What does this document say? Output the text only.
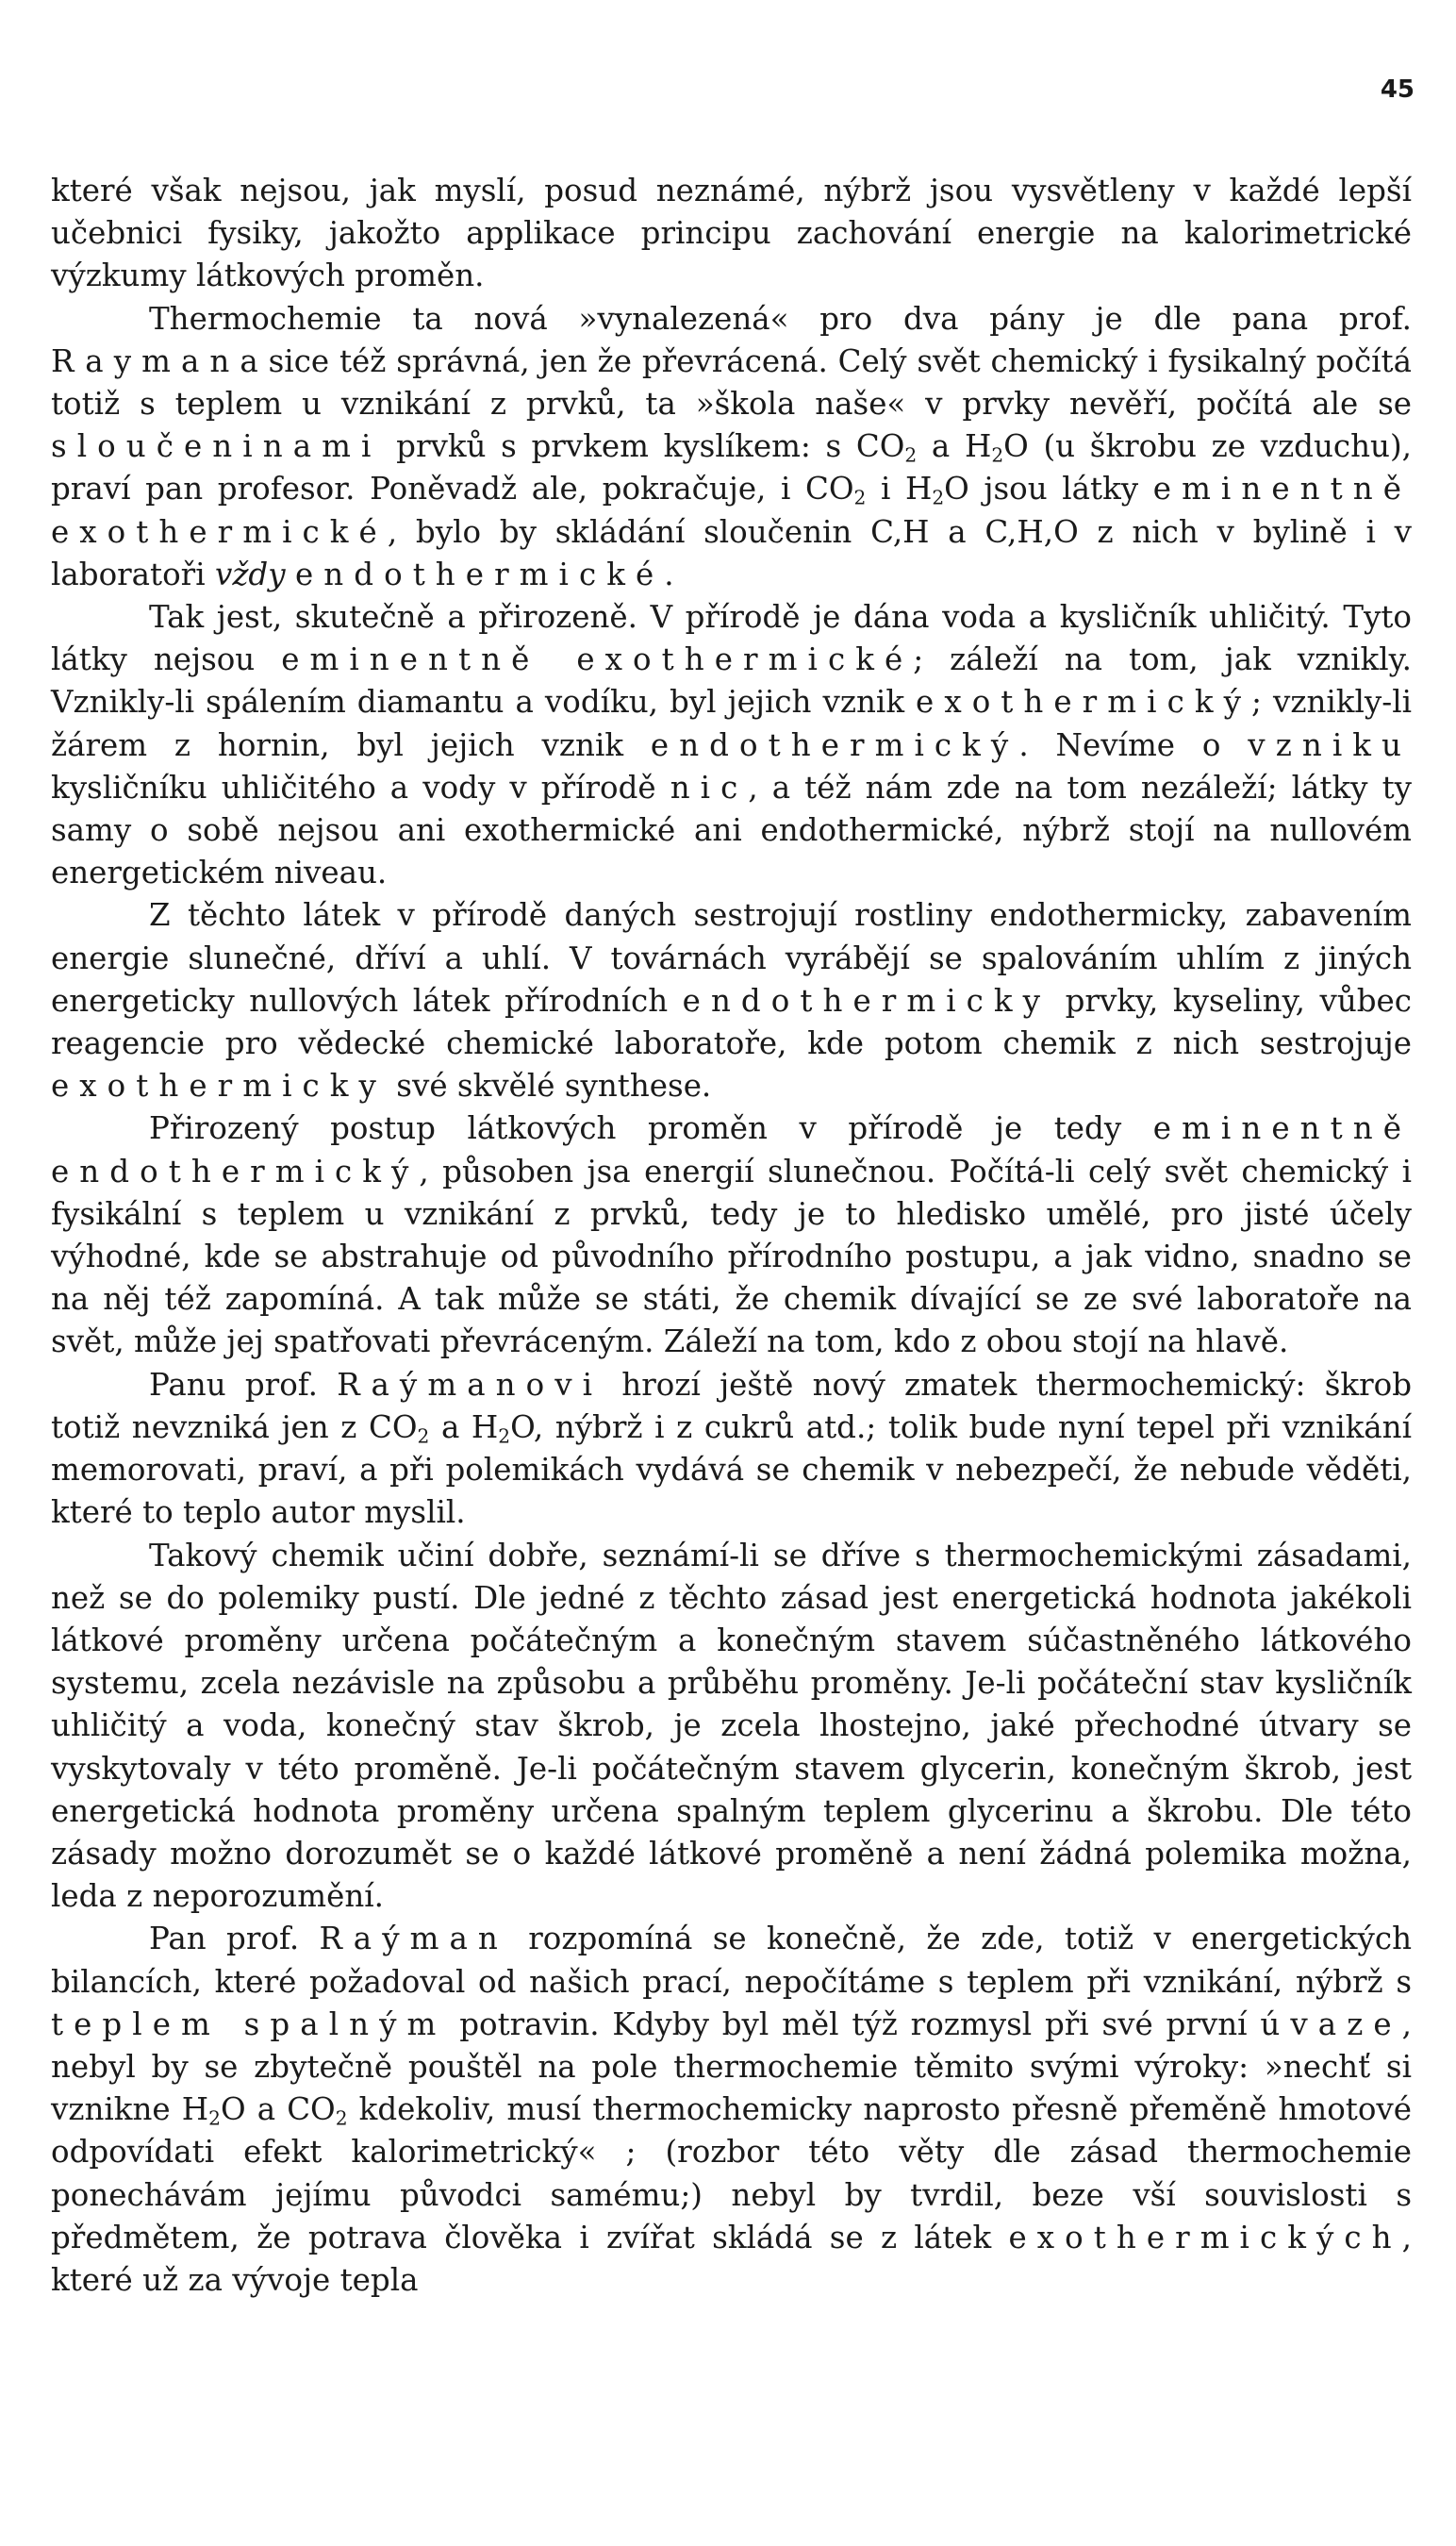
45

které však nejsou, jak myslí, posud neznámé, nýbrž jsou vysvětleny v každé lepší učebnici fysiky, jakožto applikace principu zachování energie na kalorimetrické výzkumy látkových proměn.

Thermochemie ta nová »vynalezená« pro dva pány je dle pana prof. Raymana sice též správná, jen že převrácená. Celý svět chemický i fysikalný počítá totiž s teplem u vznikání z prvků, ta »škola naše« v prvky nevěří, počítá ale se sloučeninami prvků s prvkem kyslíkem: s $CO_2$ a $H_2O$ (u škrobu ze vzduchu), praví pan profesor. Poněvadž ale, pokračuje, i $CO_2$ i $H_2O$ jsou látky eminentně exothermické, bylo by skládání sloučenin C,H a C,H,O z nich v bylině i v laboratoři vždy endothermické.

Tak jest, skutečně a přirozeně. V přírodě je dána voda a kysličník uhličitý. Tyto látky nejsou eminentně exothermické; záleží na tom, jak vznikly. Vznikly-li spálením diamantu a vodíku, byl jejich vznik exothermický; vznikly-li žárem z hornin, byl jejich vznik endothermický. Nevíme o vzniku kysličníku uhličitého a vody v přírodě nic, a též nám zde na tom nezáleží; látky ty samy o sobě nejsou ani exothermické ani endothermické, nýbrž stojí na nullovém energetickém niveau.

Z těchto látek v přírodě daných sestrojují rostliny endothermicky, zabavením energie slunečné, dříví a uhlí. V továrnách vyrábějí se spalováním uhlím z jiných energeticky nullových látek přírodních endothermicky prvky, kyseliny, vůbec reagencie pro vědecké chemické laboratoře, kde potom chemik z nich sestrojuje exothermicky své skvělé synthese.

Přirozený postup látkových proměn v přírodě je tedy eminentně endothermický, působen jsa energií slunečnou. Počítá-li celý svět chemický i fysikální s teplem u vznikání z prvků, tedy je to hledisko umělé, pro jisté účely výhodné, kde se abstrahuje od původního přírodního postupu, a jak vidno, snadno se na něj též zapomíná. A tak může se státi, že chemik dívající se ze své laboratoře na svět, může jej spatřovati převráceným. Záleží na tom, kdo z obou stojí na hlavě.

Panu prof. Raýmanovi hrozí ještě nový zmatek thermochemický: škrob totiž nevzniká jen z $CO_2$ a $H_2O$, nýbrž i z cukrů atd.; tolik bude nyní tepel při vznikání memorovati, praví, a při polemikách vydává se chemik v nebezpečí, že nebude věděti, které to teplo autor myslil.

Takový chemik učiní dobře, seznámí-li se dříve s thermochemickými zásadami, než se do polemiky pustí. Dle jedné z těchto zásad jest energetická hodnota jakékoli látkové proměny určena počátečným a konečným stavem súčastněného látkového systemu, zcela nezávisle na způsobu a průběhu proměny. Je-li počáteční stav kysličník uhličitý a voda, konečný stav škrob, je zcela lhostejno, jaké přechodné útvary se vyskytovaly v této proměně. Je-li počátečným stavem glycerin, konečným škrob, jest energetická hodnota proměny určena spalným teplem glycerinu a škrobu. Dle této zásady možno dorozumět se o každé látkové proměně a není žádná polemika možna, leda z neporozumění.

Pan prof. Raýman rozpomíná se konečně, že zde, totiž v energetických bilancích, které požadoval od našich prací, nepočítáme s teplem při vznikání, nýbrž s teplem spalným potravin. Kdyby byl měl týž rozmysl při své první úvaze, nebyl by se zbytečně pouštěl na pole thermochemie těmito svými výroky: »nechť si vznikne $H_2O$ a $CO_2$ kdekoliv, musí thermochemicky naprosto přesně přeměně hmotové odpovídati efekt kalorimetrický« ; (rozbor této věty dle zásad thermochemie ponechávám jejímu původci samému;) nebyl by tvrdil, beze vší souvislosti s předmětem, že potrava člověka i zvířat skládá se z látek exothermických, které už za vývoje tepla
